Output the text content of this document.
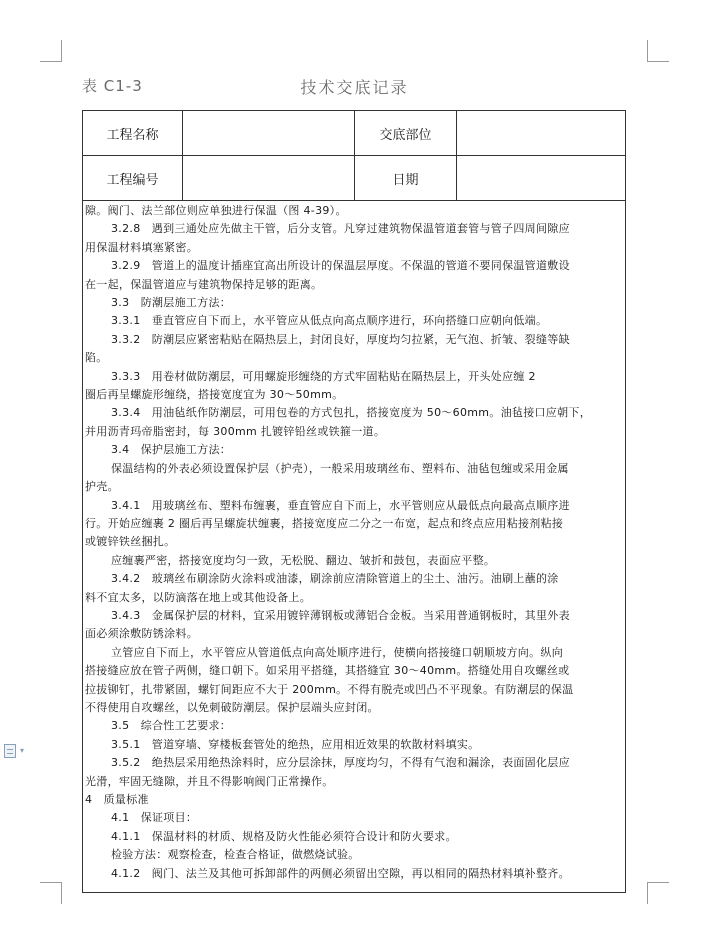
表 C1-3	技术交底记录
工程名称	交底部位
工程编号	日期

隙。阀门、法兰部位则应单独进行保温（图 4-39）。

3.2.8　遇到三通处应先做主干管，后分支管。凡穿过建筑物保温管道套管与管子四周间隙应

用保温材料填塞紧密。

3.2.9　管道上的温度计插座宜高出所设计的保温层厚度。不保温的管道不要同保温管道敷设

在一起，保温管道应与建筑物保持足够的距离。

3.3　防潮层施工方法：

3.3.1　垂直管应自下而上，水平管应从低点向高点顺序进行，环向搭缝口应朝向低端。

3.3.2　防潮层应紧密粘贴在隔热层上，封闭良好，厚度均匀拉紧，无气泡、折皱、裂缝等缺

陷。

3.3.3　用卷材做防潮层，可用螺旋形缠绕的方式牢固粘贴在隔热层上，开头处应缠 2

圈后再呈螺旋形缠绕，搭接宽度宜为 30～50mm。

3.3.4　用油毡纸作防潮层，可用包卷的方式包扎，搭接宽度为 50～60mm。油毡接口应朝下，

并用沥青玛帝脂密封，每 300mm 扎镀锌铅丝或铁箍一道。

3.4　保护层施工方法：

保温结构的外表必须设置保护层（护壳），一般采用玻璃丝布、塑料布、油毡包缠或采用金属

护壳。

3.4.1　用玻璃丝布、塑料布缠裹，垂直管应自下而上，水平管则应从最低点向最高点顺序进

行。开始应缠裹 2 圈后再呈螺旋状缠裹，搭接宽度应二分之一布宽，起点和终点应用粘接剂粘接

或镀锌铁丝捆扎。

应缠裹严密，搭接宽度均匀一致，无松脱、翻边、皱折和鼓包，表面应平整。

3.4.2　玻璃丝布刷涂防火涂料或油漆，刷涂前应清除管道上的尘土、油污。油刷上蘸的涂

料不宜太多，以防滴落在地上或其他设备上。

3.4.3　金属保护层的材料，宜采用镀锌薄钢板或薄铝合金板。当采用普通钢板时，其里外表

面必须涂敷防锈涂料。

立管应自下而上，水平管应从管道低点向高处顺序进行，使横向搭接缝口朝顺坡方向。纵向

搭接缝应放在管子两侧，缝口朝下。如采用平搭缝，其搭缝宜 30～40mm。搭缝处用自攻螺丝或

拉拔铆钉，扎带紧固，螺钉间距应不大于 200mm。不得有脱壳或凹凸不平现象。有防潮层的保温

不得使用自攻螺丝，以免刺破防潮层。保护层端头应封闭。

3.5　综合性工艺要求：

3.5.1　管道穿墙、穿楼板套管处的绝热，应用相近效果的软散材料填实。

3.5.2　绝热层采用绝热涂料时，应分层涂抹，厚度均匀，不得有气泡和漏涂，表面固化层应

光滑，牢固无缝隙，并且不得影响阀门正常操作。

4　质量标准

4.1　保证项目：

4.1.1　保温材料的材质、规格及防火性能必须符合设计和防火要求。

检验方法：观察检查，检查合格证，做燃烧试验。

4.1.2　阀门、法兰及其他可拆卸部件的两侧必须留出空隙，再以相同的隔热材料填补整齐。

▾
